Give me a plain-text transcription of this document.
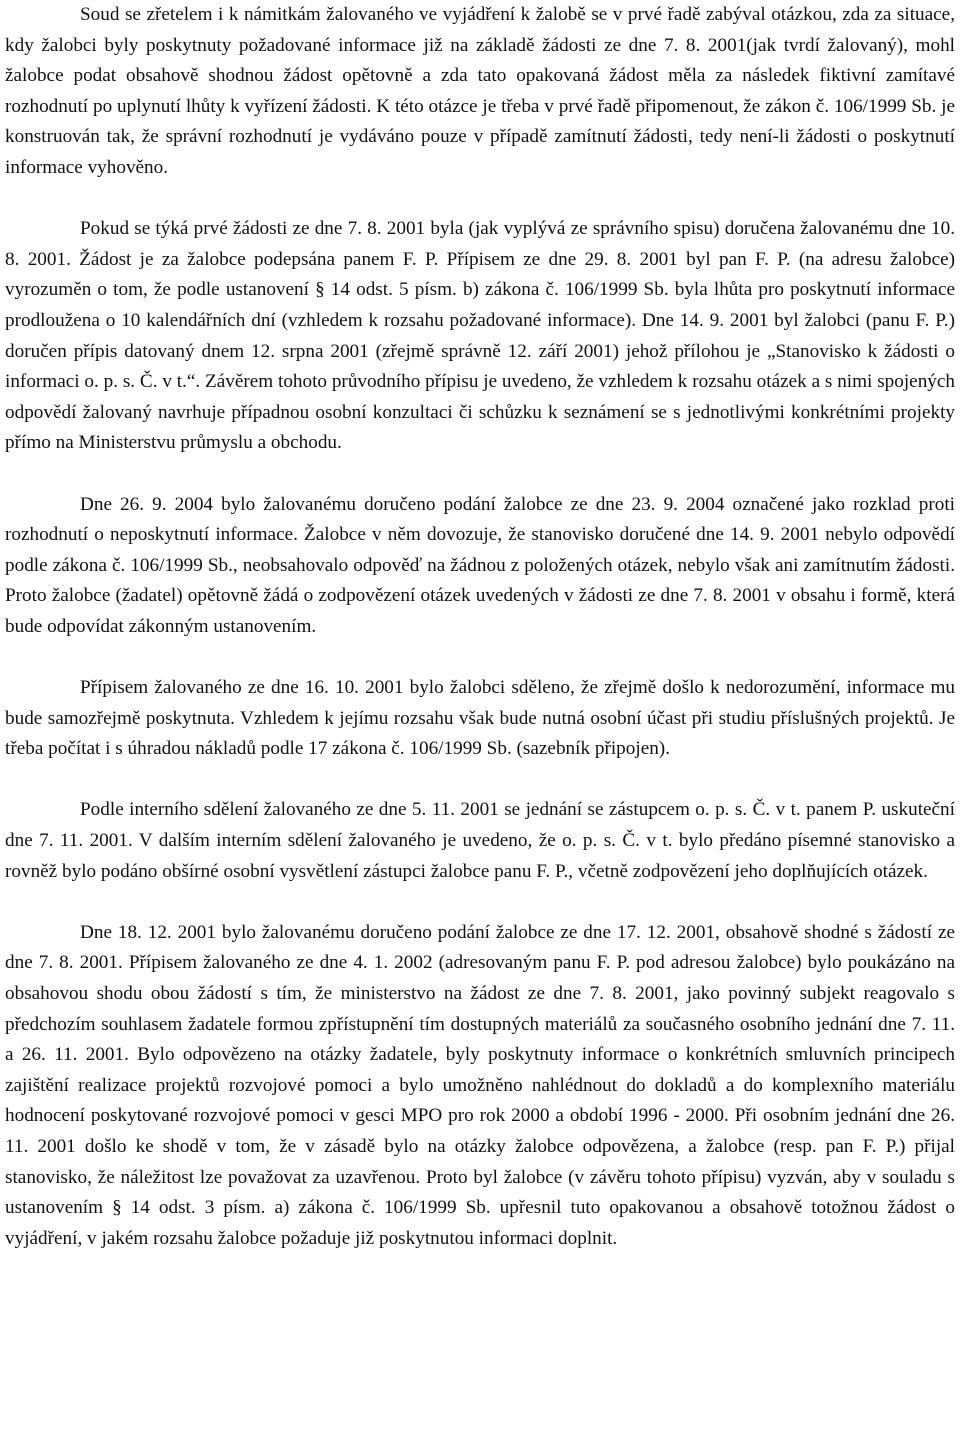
Soud se zřetelem i k námitkám žalovaného ve vyjádření k žalobě se v prvé řadě zabýval otázkou, zda za situace, kdy žalobci byly poskytnuty požadované informace již na základě žádosti ze dne 7. 8. 2001(jak tvrdí žalovaný), mohl žalobce podat obsahově shodnou žádost opětovně a zda tato opakovaná žádost měla za následek fiktivní zamítavé rozhodnutí po uplynutí lhůty k vyřízení žádosti. K této otázce je třeba v prvé řadě připomenout, že zákon č. 106/1999 Sb. je konstruován tak, že správní rozhodnutí je vydáváno pouze v případě zamítnutí žádosti, tedy není-li žádosti o poskytnutí informace vyhověno.

Pokud se týká prvé žádosti ze dne 7. 8. 2001 byla (jak vyplývá ze správního spisu) doručena žalovanému dne 10. 8. 2001. Žádost je za žalobce podepsána panem F. P. Přípisem ze dne 29. 8. 2001 byl pan F. P. (na adresu žalobce) vyrozuměn o tom, že podle ustanovení § 14 odst. 5 písm. b) zákona č. 106/1999 Sb. byla lhůta pro poskytnutí informace prodloužena o 10 kalendářních dní (vzhledem k rozsahu požadované informace). Dne 14. 9. 2001 byl žalobci (panu F. P.) doručen přípis datovaný dnem 12. srpna 2001 (zřejmě správně 12. září 2001) jehož přílohou je „Stanovisko k žádosti o informaci o. p. s. Č. v t.“. Závěrem tohoto průvodního přípisu je uvedeno, že vzhledem k rozsahu otázek a s nimi spojených odpovědí žalovaný navrhuje případnou osobní konzultaci či schůzku k seznámení se s jednotlivými konkrétními projekty přímo na Ministerstvu průmyslu a obchodu.

Dne 26. 9. 2004 bylo žalovanému doručeno podání žalobce ze dne 23. 9. 2004 označené jako rozklad proti rozhodnutí o neposkytnutí informace. Žalobce v něm dovozuje, že stanovisko doručené dne 14. 9. 2001 nebylo odpovědí podle zákona č. 106/1999 Sb., neobsahovalo odpověď na žádnou z položených otázek, nebylo však ani zamítnutím žádosti. Proto žalobce (žadatel) opětovně žádá o zodpovězení otázek uvedených v žádosti ze dne 7. 8. 2001 v obsahu i formě, která bude odpovídat zákonným ustanovením.

Přípisem žalovaného ze dne 16. 10. 2001 bylo žalobci sděleno, že zřejmě došlo k nedorozumění, informace mu bude samozřejmě poskytnuta. Vzhledem k jejímu rozsahu však bude nutná osobní účast při studiu příslušných projektů. Je třeba počítat i s úhradou nákladů podle 17 zákona č. 106/1999 Sb. (sazebník připojen).

Podle interního sdělení žalovaného ze dne 5. 11. 2001 se jednání se zástupcem o. p. s. Č. v t. panem P. uskuteční dne 7. 11. 2001. V dalším interním sdělení žalovaného je uvedeno, že o. p. s. Č. v t. bylo předáno písemné stanovisko a rovněž bylo podáno obšírné osobní vysvětlení zástupci žalobce panu F. P., včetně zodpovězení jeho doplňujících otázek.

Dne 18. 12. 2001 bylo žalovanému doručeno podání žalobce ze dne 17. 12. 2001, obsahově shodné s žádostí ze dne 7. 8. 2001. Přípisem žalovaného ze dne 4. 1. 2002 (adresovaným panu F. P. pod adresou žalobce) bylo poukázáno na obsahovou shodu obou žádostí s tím, že ministerstvo na žádost ze dne 7. 8. 2001, jako povinný subjekt reagovalo s předchozím souhlasem žadatele formou zpřístupnění tím dostupných materiálů za současného osobního jednání dne 7. 11. a 26. 11. 2001. Bylo odpovězeno na otázky žadatele, byly poskytnuty informace o konkrétních smluvních principech zajištění realizace projektů rozvojové pomoci a bylo umožněno nahlédnout do dokladů a do komplexního materiálu hodnocení poskytované rozvojové pomoci v gesci MPO pro rok 2000 a období 1996 - 2000. Při osobním jednání dne 26. 11. 2001 došlo ke shodě v tom, že v zásadě bylo na otázky žalobce odpovězena, a žalobce (resp. pan F. P.) přijal stanovisko, že náležitost lze považovat za uzavřenou. Proto byl žalobce (v závěru tohoto přípisu) vyzván, aby v souladu s ustanovením § 14 odst. 3 písm. a) zákona č. 106/1999 Sb. upřesnil tuto opakovanou a obsahově totožnou žádost o vyjádření, v jakém rozsahu žalobce požaduje již poskytnutou informaci doplnit.
